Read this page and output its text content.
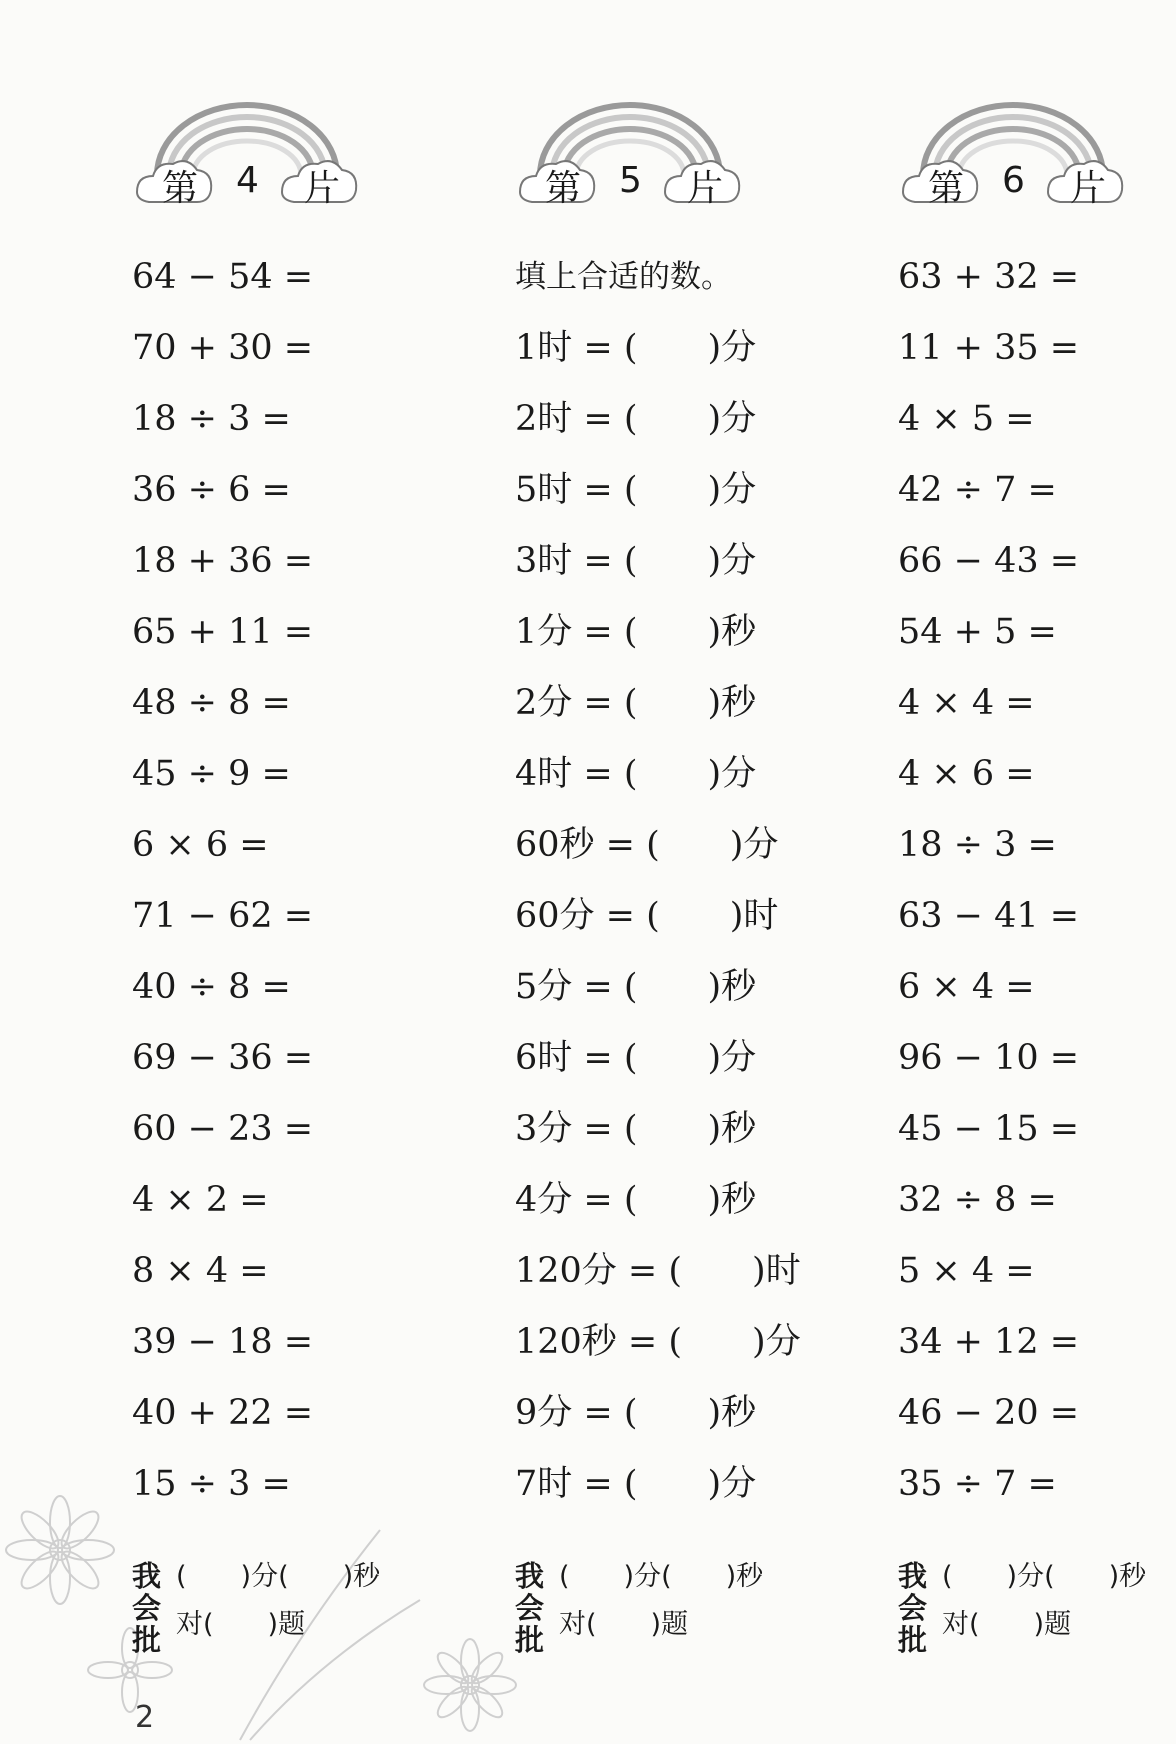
第 4 片
64 − 54 =
70 + 30 =
18 ÷ 3 =
36 ÷ 6 =
18 + 36 =
65 + 11 =
48 ÷ 8 =
45 ÷ 9 =
6 × 6 =
71 − 62 =
40 ÷ 8 =
69 − 36 =
60 − 23 =
4 × 2 =
8 × 4 =
39 − 18 =
40 + 22 =
15 ÷ 3 =
我
会
批
(　　)分(　　)秒
对(　　)题
第 5 片
填上合适的数。
1时 = (　　)分
2时 = (　　)分
5时 = (　　)分
3时 = (　　)分
1分 = (　　)秒
2分 = (　　)秒
4时 = (　　)分
60秒 = (　　)分
60分 = (　　)时
5分 = (　　)秒
6时 = (　　)分
3分 = (　　)秒
4分 = (　　)秒
120分 = (　　)时
120秒 = (　　)分
9分 = (　　)秒
7时 = (　　)分
我
会
批
(　　)分(　　)秒
对(　　)题
第 6 片
63 + 32 =
11 + 35 =
4 × 5 =
42 ÷ 7 =
66 − 43 =
54 + 5 =
4 × 4 =
4 × 6 =
18 ÷ 3 =
63 − 41 =
6 × 4 =
96 − 10 =
45 − 15 =
32 ÷ 8 =
5 × 4 =
34 + 12 =
46 − 20 =
35 ÷ 7 =
我
会
批
(　　)分(　　)秒
对(　　)题
2
